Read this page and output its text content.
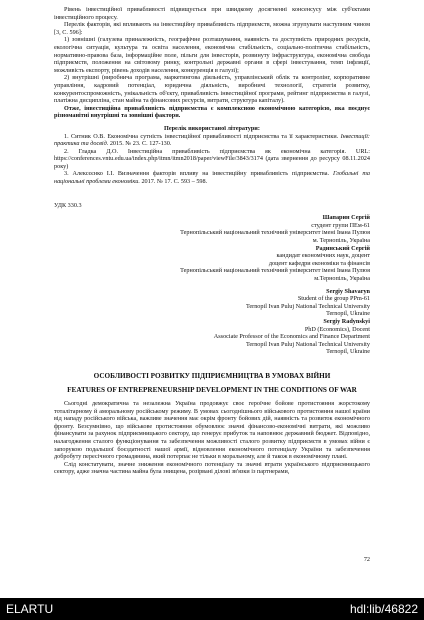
Рівень інвестиційної привабливості підвищується при швидкому досягненні консенсусу між суб'єктами інвестиційного процесу.

Перелік факторів, які впливають на інвестиційну привабливість підприємств, можна згрупувати наступним чином [3, С. 596]:

1) зовнішні (галузева приналежність, географічне розташування, наявність та доступність природних ресурсів, екологічна ситуація, культура та освіта населення, економічна стабільність, соціально-політична стабільність, нормативно-правова база, інформаційне поле, пільги для інвесторів, розвинуту інфраструктура, економічна свобода підприємств, положення на світовому ринку, контрольні державні органи в сфері інвестування, темп інфляції, можливість експорту, рівень доходів населення, конкуренція в галузі);

2) внутрішні (виробнича програма, маркетингова діяльність, управлінський облік та контролінг, корпоративне управління, кадровий потенціал, юридична діяльність, виробничі технології, стратегія розвитку, конкурентоспроможність, унікальність об'єкту, привабливість інвестиційної програми, рейтинг підприємства в галузі, платіжна дисципліна, стан майна та фінансових ресурсів, витрати, структура капіталу).

Отже, інвестиційна привабливість підприємства є комплексною економічною категорією, яка поєднує різноманітні внутрішні та зовнішні фактори.

Перелік використаної літератури:

1. Ситник О.В. Економічна сутність інвестиційної привабливості підприємства та її характеристики. Інвестиції: практика та досвід. 2015. № 23. С. 127-130.

2. Гладка Д.О. Інвестиційна привабливість підприємства як економічна категорія. URL: https://conferences.vntu.edu.ua/index.php/itmn/itmn2018/paper/viewFile/3843/3174 (дата звернення до ресурсу 08.11.2024 року)

3. Алексєєнко І.І. Визначення факторів впливу на інвестиційну привабливість підприємства. Глобальні та національні проблеми економіки. 2017. № 17. С. 593 – 598.

УДК 330.3

Шапарин Сергій

студент групи ПЕм-61

Тернопільський національний технічний університет імені Івана Пулюя

м. Тернопіль, Україна

Радинський Сергій

кандидат економічних наук, доцент

доцент кафедри економіки та фінансів

Тернопільський національний технічний університет імені Івана Пулюя

м.Тернопіль, Україна

Sergiy Shavaryn

Student of the group PPm-61

Ternopil Ivan Puluj National Technical University

Ternopil, Ukraine

Sergiy Radynskyi

PhD (Economics), Docent

Associate Professor of the Economics and Finance Department

Ternopil Ivan Puluj National Technical University

Ternopil, Ukraine

ОСОБЛИВОСТІ РОЗВИТКУ ПІДПРИЄМНИЦТВА В УМОВАХ ВІЙНИ

FEATURES OF ENTREPRENEURSHIP DEVELOPMENT IN THE CONDITIONS OF WAR

Сьогодні демократична та незалежна Україна продовжує своє героїчне бойове протистояння жорстокому тоталітарному й аморальному російському режиму. В умовах сьогоднішнього військового протистояння нашої країни від нападу російського війська, важливе значення має окрім фронту бойових дій, наявність та розвиток економічного фронту. Безсумнівно, що військове протистояння обумовлює значні фінансово-економічні витрати, які можливо фінансувати за рахунок підприємницького сектору, що генерує прибуток та наповнює державний бюджет. Відповідно, налагодження сталого функціонування та забезпечення можливості сталого розвитку підприємств в умовах війни є запорукою подальшої боєздатності нашої армії, відновлення економічного потенціалу України та забезпечення добробуту пересічного громадянина, який потерпає не тільки в моральному, але й також в економічному плані.

Слід констатувати, значне зниження економічного потенціалу та значні втрати українського підприємницького сектору, адже значна частина майна була знищена, розірвані ділові зв'язки із партнерами,

72
ELARTU	hdl:lib/46822
